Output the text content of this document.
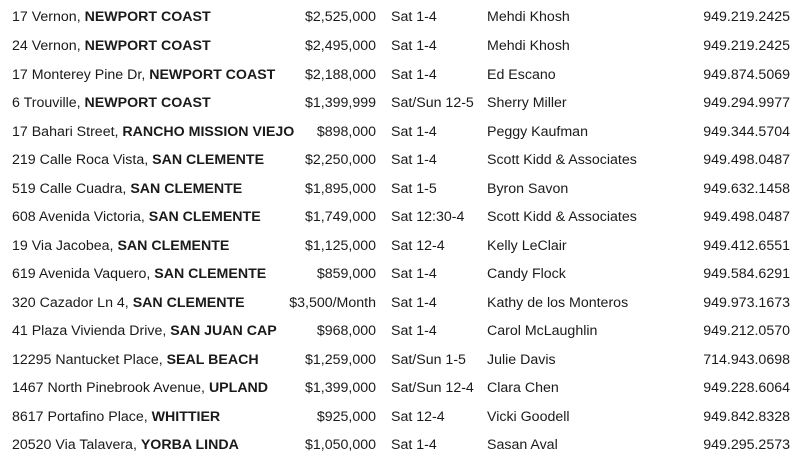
17 Vernon, NEWPORT COAST	$2,525,000 Sat 1-4	Mehdi Khosh	949.219.2425
24 Vernon, NEWPORT COAST	$2,495,000 Sat 1-4	Mehdi Khosh	949.219.2425
17 Monterey Pine Dr, NEWPORT COAST $2,188,000 Sat 1-4	Ed Escano	949.874.5069
6 Trouville, NEWPORT COAST	$1,399,999 Sat/Sun 12-5 Sherry Miller	949.294.9977
17 Bahari Street, RANCHO MISSION VIEJO $898,000 Sat 1-4	Peggy Kaufman	949.344.5704
219 Calle Roca Vista, SAN CLEMENTE	$2,250,000 Sat 1-4	Scott Kidd & Associates	949.498.0487
519 Calle Cuadra, SAN CLEMENTE	$1,895,000 Sat 1-5	Byron Savon	949.632.1458
608 Avenida Victoria, SAN CLEMENTE	$1,749,000 Sat 12:30-4 Scott Kidd & Associates	949.498.0487
19 Via Jacobea, SAN CLEMENTE	$1,125,000 Sat 12-4	Kelly LeClair	949.412.6551
619 Avenida Vaquero, SAN CLEMENTE	$859,000 Sat 1-4	Candy Flock	949.584.6291
320 Cazador Ln 4, SAN CLEMENTE	$3,500/Month Sat 1-4	Kathy de los Monteros	949.973.1673
41 Plaza Vivienda Drive, SAN JUAN CAP	$968,000 Sat 1-4	Carol McLaughlin	949.212.0570
12295 Nantucket Place, SEAL BEACH	$1,259,000 Sat/Sun 1-5 Julie Davis	714.943.0698
1467 North Pinebrook Avenue, UPLAND	$1,399,000 Sat/Sun 12-4 Clara Chen	949.228.6064
8617 Portafino Place, WHITTIER	$925,000 Sat 12-4	Vicki Goodell	949.842.8328
20520 Via Talavera, YORBA LINDA	$1,050,000 Sat 1-4	Sasan Aval	949.295.2573
